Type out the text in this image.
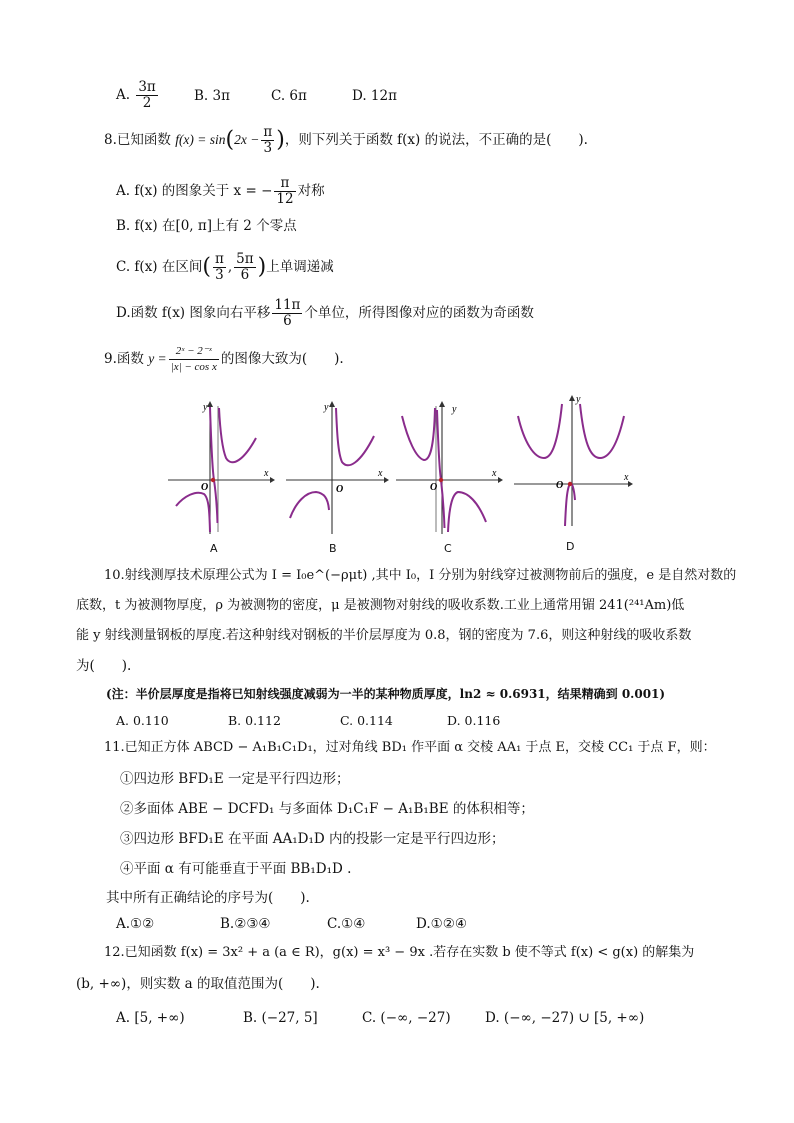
A. $\frac{3\pi}{2}$	B. 3π	C. 6π	D. 12π
8.已知函数 $f(x) = \sin(2x - \frac{\pi}{3}$ )，则下列关于函数 f(x) 的说法，不正确的是(　　).
A. f(x) 的图象关于 x = − $\frac{\pi}{12}$ 对称
B. f(x) 在[0, π]上有 2 个零点
C. f(x) 在区间( $\frac{\pi}{3}$ , $\frac{5\pi}{6}$ )上单调递减
D.函数 f(x) 图象向右平移 $\frac{11\pi}{6}$ 个单位，所得图像对应的函数为奇函数
9.函数 $y = \frac{\text{2ˣ − 2⁻ˣ}}{\text{|x| − cos x}}$ 的图像大致为(　　).
y
x
O
y
x
O
y
x
O
y
x
O
A	B	C	D
10.射线测厚技术原理公式为 I = I₀e^(−ρμt) ,其中 I₀，I 分别为射线穿过被测物前后的强度，e 是自然对数的
底数，t 为被测物厚度，ρ 为被测物的密度，μ 是被测物对射线的吸收系数.工业上通常用镅 241(²⁴¹Am)低
能 y 射线测量钢板的厚度.若这种射线对钢板的半价层厚度为 0.8，钢的密度为 7.6，则这种射线的吸收系数
为(　　).
(注：半价层厚度是指将已知射线强度减弱为一半的某种物质厚度，ln2 ≈ 0.6931，结果精确到 0.001)
A. 0.110	B. 0.112	C. 0.114	D. 0.116
11.已知正方体 ABCD − A₁B₁C₁D₁，过对角线 BD₁ 作平面 α 交棱 AA₁ 于点 E，交棱 CC₁ 于点 F，则：
①四边形 BFD₁E 一定是平行四边形；
②多面体 ABE − DCFD₁ 与多面体 D₁C₁F − A₁B₁BE 的体积相等；
③四边形 BFD₁E 在平面 AA₁D₁D 内的投影一定是平行四边形；
④平面 α 有可能垂直于平面 BB₁D₁D .
其中所有正确结论的序号为(　　).
A.①②	B.②③④	C.①④	D.①②④
12.已知函数 f(x) = 3x² + a (a ∈ R)，g(x) = x³ − 9x .若存在实数 b 使不等式 f(x) < g(x) 的解集为
(b, +∞)，则实数 a 的取值范围为(　　).
A. [5, +∞)	B. (−27, 5]	C. (−∞, −27)	D. (−∞, −27) ∪ [5, +∞)
